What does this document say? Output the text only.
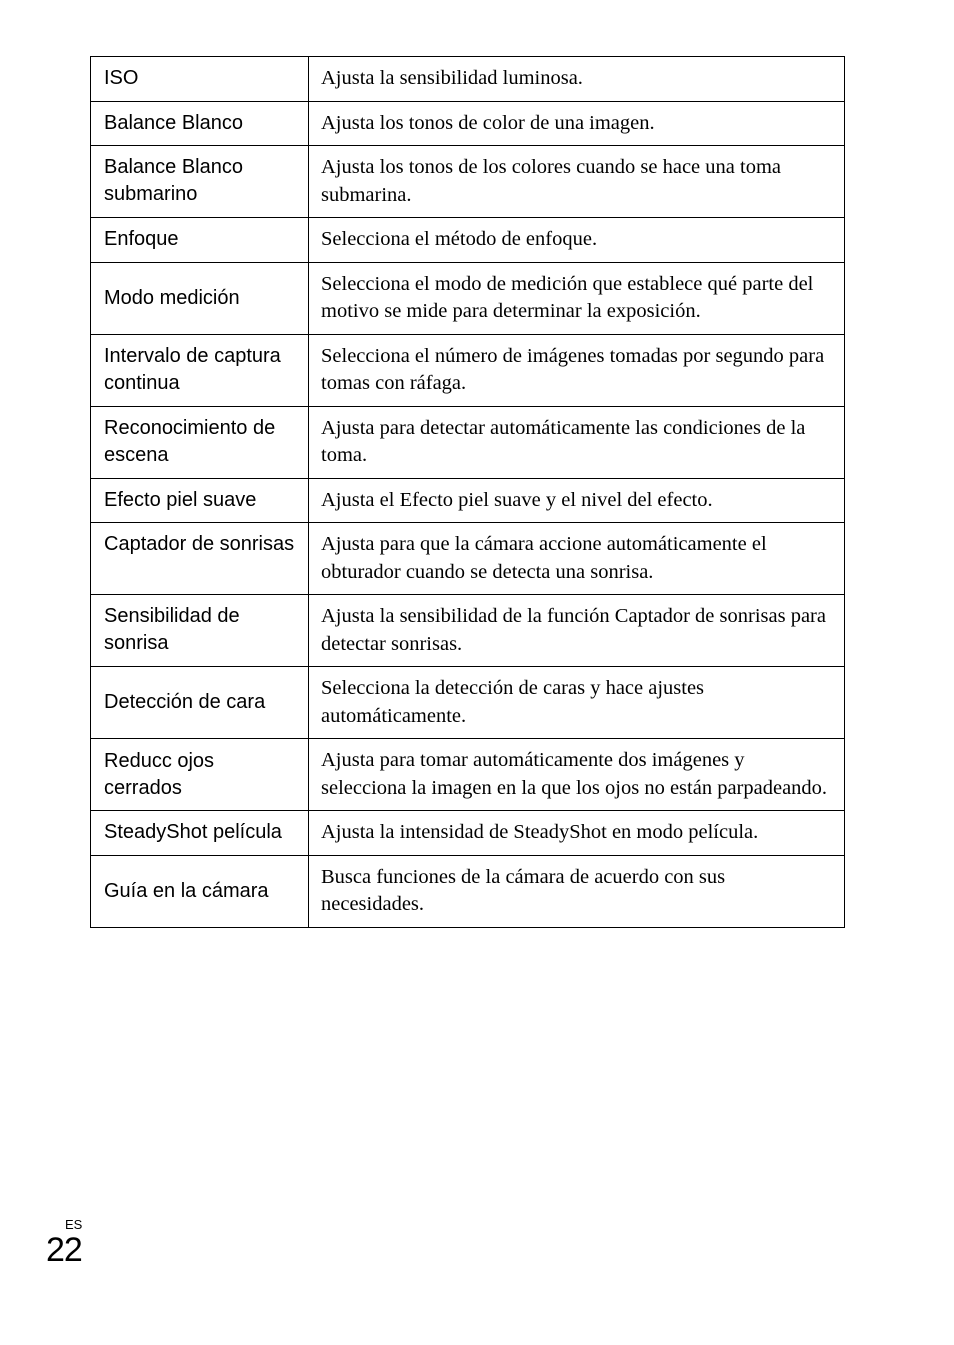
ISO	Ajusta la sensibilidad luminosa.
Balance Blanco	Ajusta los tonos de color de una imagen.
Balance Blanco submarino	Ajusta los tonos de los colores cuando se hace una toma submarina.
Enfoque	Selecciona el método de enfoque.
Modo medición	Selecciona el modo de medición que establece qué parte del motivo se mide para determinar la exposición.
Intervalo de captura continua	Selecciona el número de imágenes tomadas por segundo para tomas con ráfaga.
Reconocimiento de escena	Ajusta para detectar automáticamente las condiciones de la toma.
Efecto piel suave	Ajusta el Efecto piel suave y el nivel del efecto.
Captador de sonrisas	Ajusta para que la cámara accione automáticamente el obturador cuando se detecta una sonrisa.
Sensibilidad de sonrisa	Ajusta la sensibilidad de la función Captador de sonrisas para detectar sonrisas.
Detección de cara	Selecciona la detección de caras y hace ajustes automáticamente.
Reducc ojos cerrados	Ajusta para tomar automáticamente dos imágenes y selecciona la imagen en la que los ojos no están parpadeando.
SteadyShot película	Ajusta la intensidad de SteadyShot en modo película.
Guía en la cámara	Busca funciones de la cámara de acuerdo con sus necesidades.
ES
22
